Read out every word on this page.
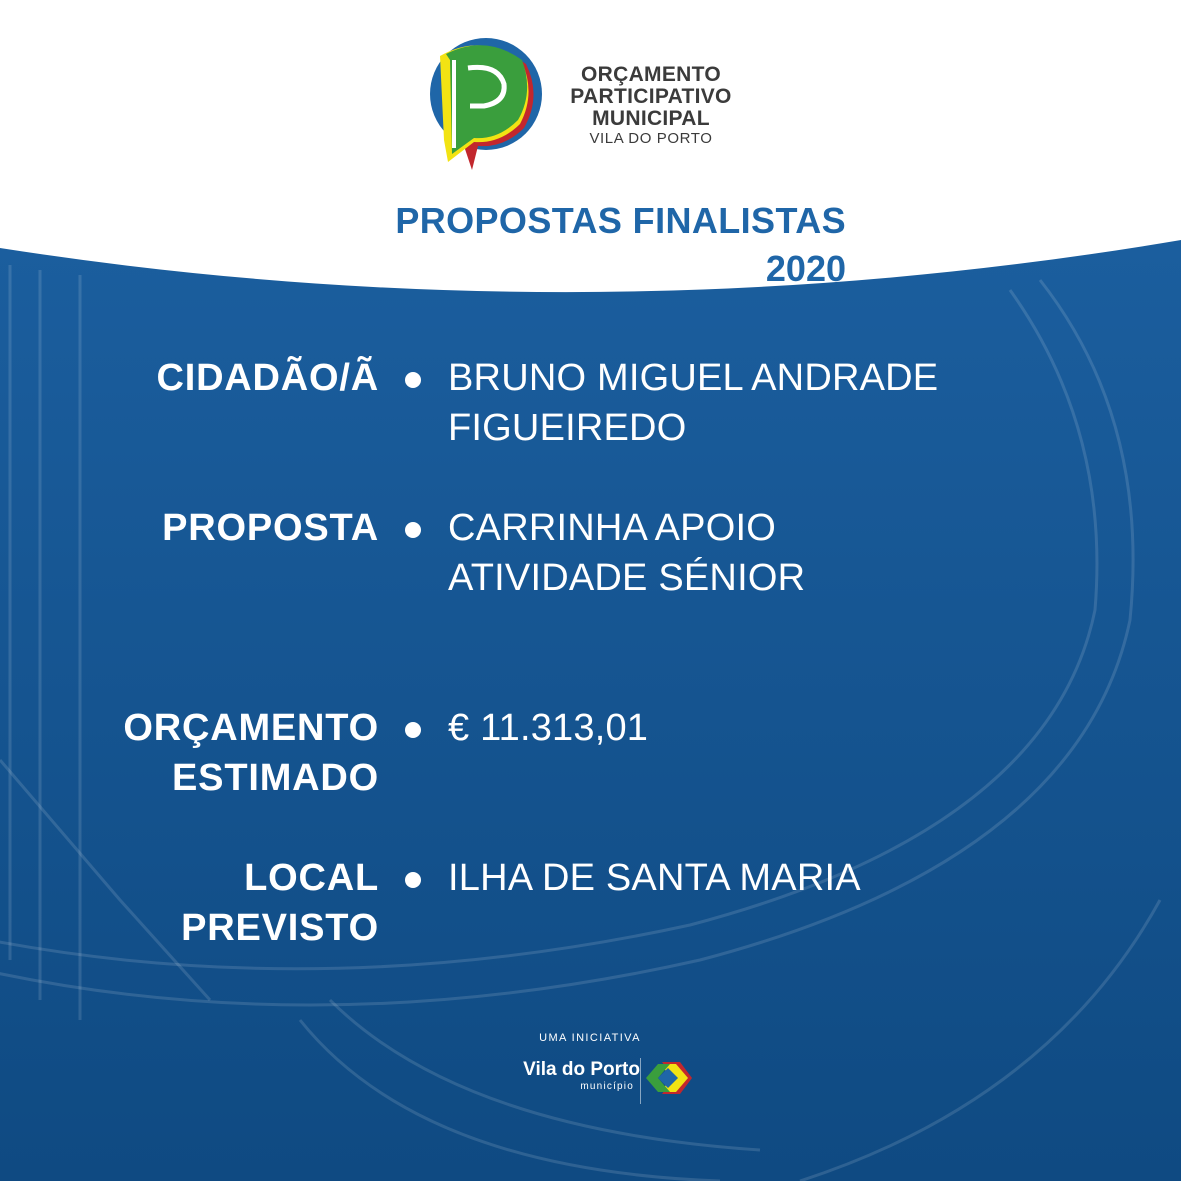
ORÇAMENTO
PARTICIPATIVO
MUNICIPAL
VILA DO PORTO
PROPOSTAS FINALISTAS
2020
CIDADÃO/Ã BRUNO MIGUEL ANDRADE
FIGUEIREDO
PROPOSTA CARRINHA APOIO
ATIVIDADE SÉNIOR
ORÇAMENTO
ESTIMADO
€ 11.313,01
LOCAL
PREVISTO
ILHA DE SANTA MARIA
UMA INICIATIVA
Vila do Porto
município
